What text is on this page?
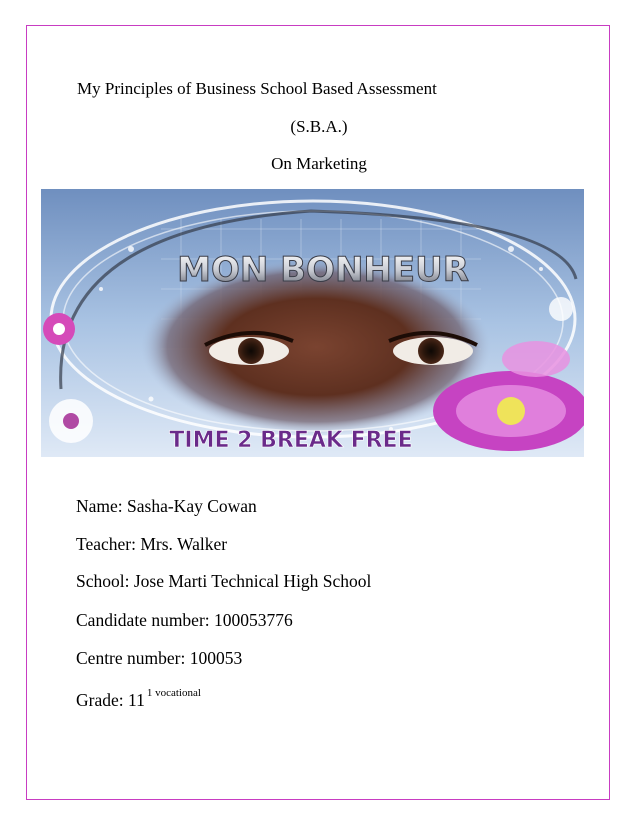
My Principles of Business School Based Assessment
(S.B.A.)
On Marketing
MON BONHEUR
TIME 2 BREAK FREE
Name: Sasha-Kay Cowan
Teacher: Mrs. Walker
School: Jose Marti Technical High School
Candidate number: 100053776
Centre number: 100053
Grade: 11 $^{1 vocational}$
